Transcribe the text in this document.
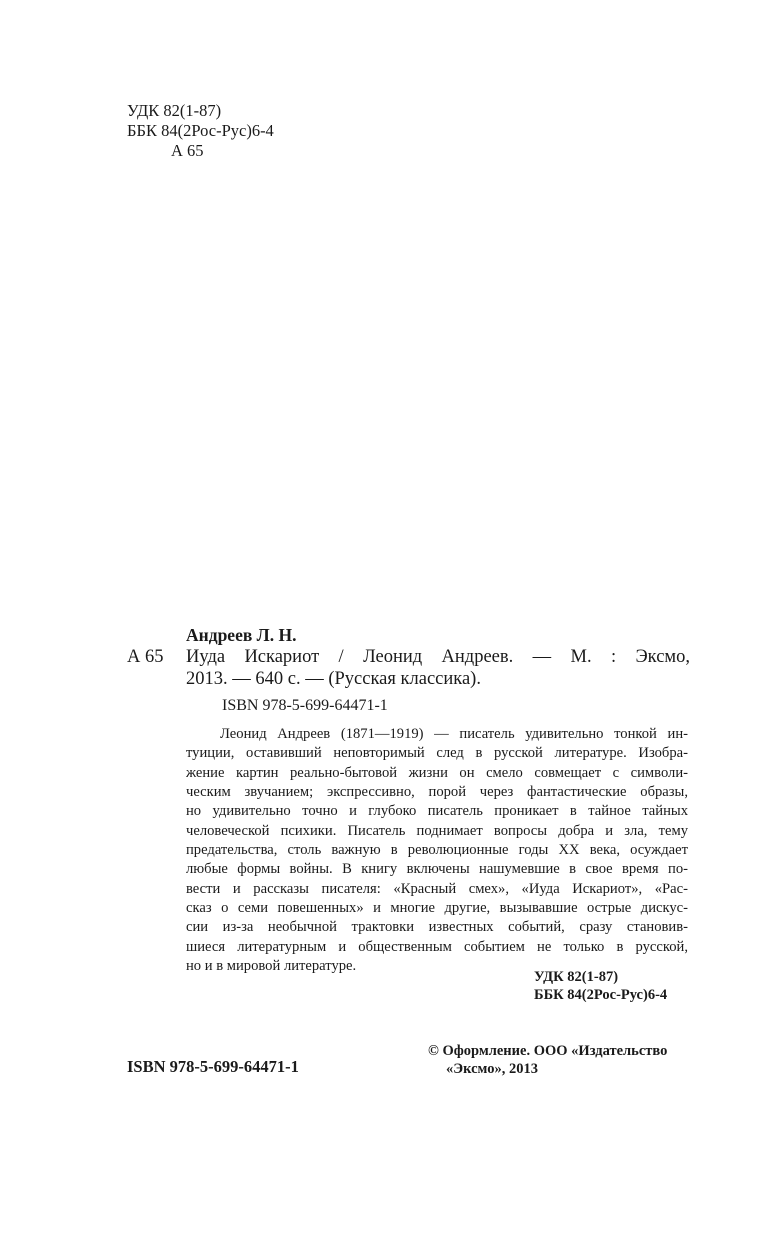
УДК 82(1-87)
ББК 84(2Рос-Рус)6-4
А 65
Андреев Л. Н.
А 65 Иуда Искариот / Леонид Андреев. — М. : Эксмо,
2013. — 640 с. — (Русская классика).
ISBN 978-5-699-64471-1
Леонид Андреев (1871—1919) — писатель удивительно тонкой ин-
туиции, оставивший неповторимый след в русской литературе. Изобра-
жение картин реально-бытовой жизни он смело совмещает с символи-
ческим звучанием; экспрессивно, порой через фантастические образы,
но удивительно точно и глубоко писатель проникает в тайное тайных
человеческой психики. Писатель поднимает вопросы добра и зла, тему
предательства, столь важную в революционные годы XX века, осуждает
любые формы войны. В книгу включены нашумевшие в свое время по-
вести и рассказы писателя: «Красный смех», «Иуда Искариот», «Рас-
сказ о семи повешенных» и многие другие, вызывавшие острые дискус-
сии из-за необычной трактовки известных событий, сразу становив-
шиеся литературным и общественным событием не только в русской,
но и в мировой литературе.
УДК 82(1-87)
ББК 84(2Рос-Рус)6-4
ISBN 978-5-699-64471-1
© Оформление. ООО «Издательство
«Эксмо», 2013
